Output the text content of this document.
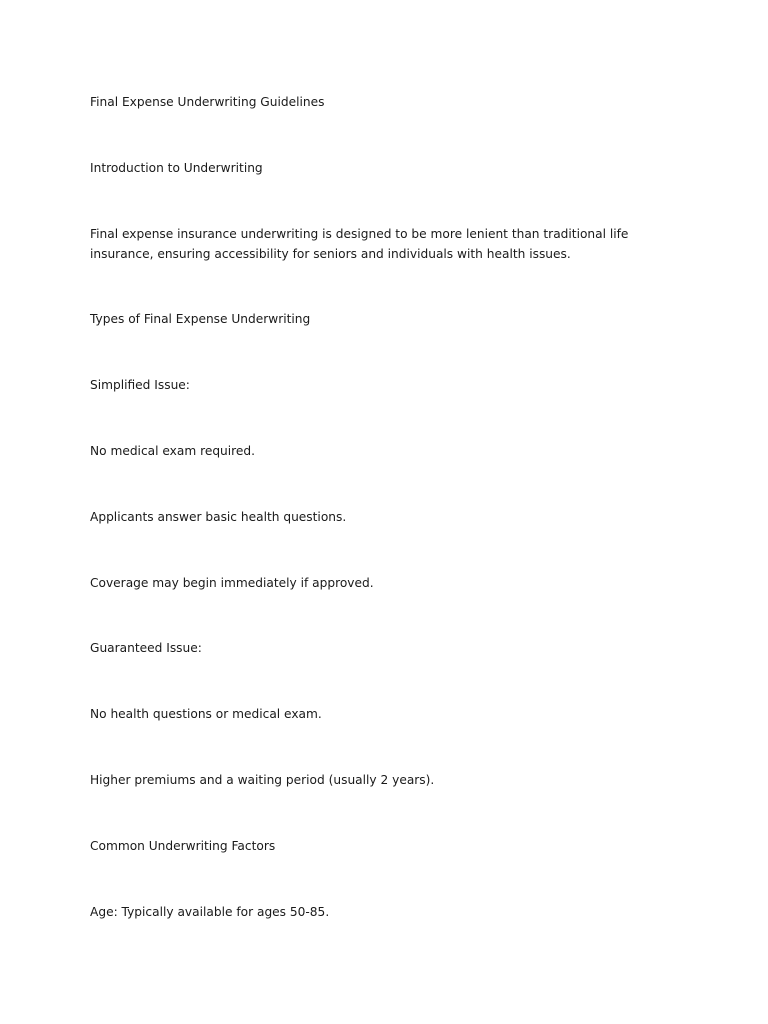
Final Expense Underwriting Guidelines

Introduction to Underwriting

Final expense insurance underwriting is designed to be more lenient than traditional life insurance, ensuring accessibility for seniors and individuals with health issues.

Types of Final Expense Underwriting

Simplified Issue:

No medical exam required.

Applicants answer basic health questions.

Coverage may begin immediately if approved.

Guaranteed Issue:

No health questions or medical exam.

Higher premiums and a waiting period (usually 2 years).

Common Underwriting Factors

Age: Typically available for ages 50-85.
